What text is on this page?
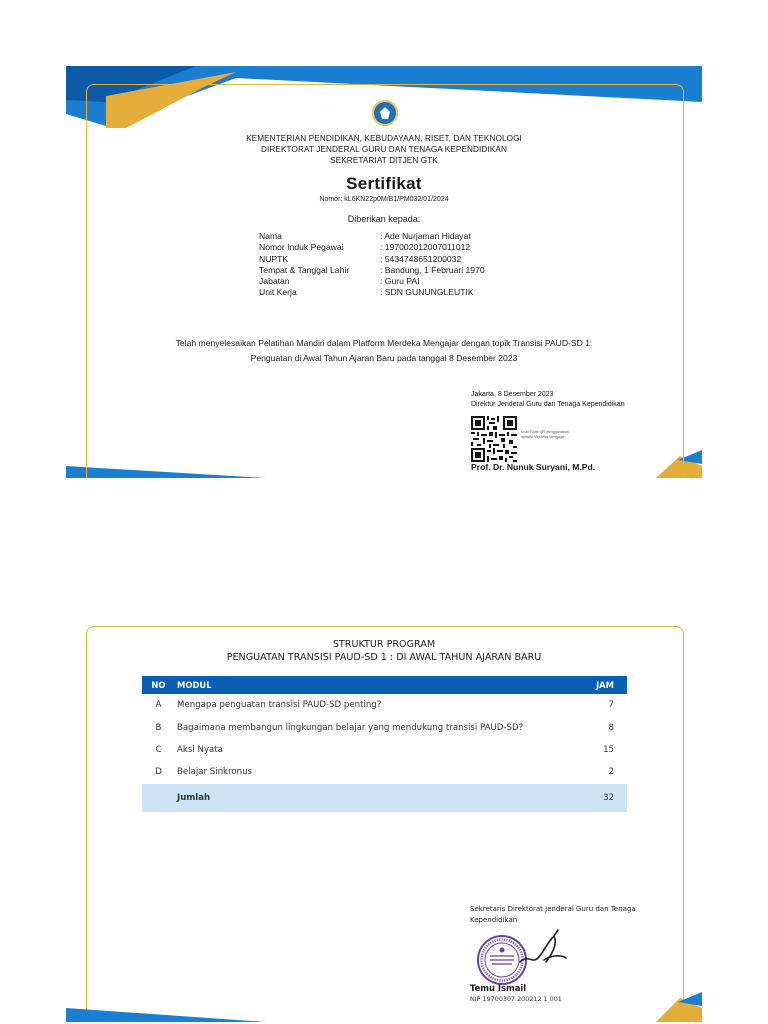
KEMENTERIAN PENDIDIKAN, KEBUDAYAAN, RISET, DAN TEKNOLOGI
DIREKTORAT JENDERAL GURU DAN TENAGA KEPENDIDIKAN
SEKRETARIAT DITJEN GTK
Sertifikat
Nomor: kL6KN22p0M/B1/PM032/01/2024
Diberikan kepada:
Nama	: Ade Nurjaman Hidayat
Nomor Induk Pegawai	: 197002012007011012
NUPTK	: 5434748651200032
Tempat & Tanggal Lahir	: Bandung, 1 Februari 1970
Jabatan	: Guru PAI
Unit Kerja	: SDN GUNUNGLEUTIK
Telah menyelesaikan Pelatihan Mandiri dalam Platform Merdeka Mengajar dengan topik Transisi PAUD-SD 1:
Penguatan di Awal Tahun Ajaran Baru pada tanggal 8 Desember 2023
Jakarta, 8 Desember 2023
Direktur Jenderal Guru dan Tenaga Kependidikan
Scan Kode QR menggunakan
aplikasi Merdeka Mengajar
Prof. Dr. Nunuk Suryani, M.Pd.
STRUKTUR PROGRAM
PENGUATAN TRANSISI PAUD-SD 1 : DI AWAL TAHUN AJARAN BARU
NO	MODUL	JAM
A	Mengapa penguatan transisi PAUD-SD penting?	7
B	Bagaimana membangun lingkungan belajar yang mendukung transisi PAUD-SD?	8
C	Aksi Nyata	15
D	Belajar Sinkronus	2
	Jumlah	32
Sekretaris Direktorat Jenderal Guru dan Tenaga
Kependidikan
Temu Ismail
NIP 19700307 200212 1 001
